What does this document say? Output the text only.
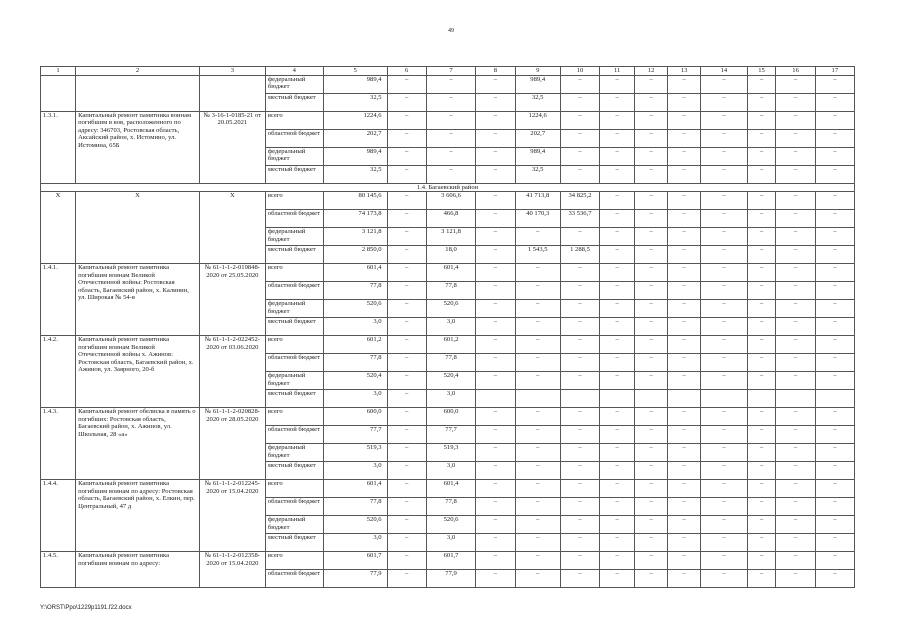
49
1	2	3	4	5	6	7	8	9	10	11	12	13	14	15	16	17
			федеральный бюджет	989,4	–	–	–	989,4	–	–	–	–	–	–	–	–
			местный бюджет	32,5	–	–	–	32,5	–	–	–	–	–	–	–	–
1.3.1.	Капитальный ремонт памятника воинам погибшим в вов, расположенного по адресу: 346703, Ростовская область, Аксайский район, х. Истомино, ул. Истомина, 65Б	№ 3-16-1-0185-21 от 20.05.2021	всего	1224,6	–	–	–	1224,6	–	–	–	–	–	–	–	–
			областной бюджет	202,7	–	–	–	202,7	–	–	–	–	–	–	–	–
			федеральный бюджет	989,4	–	–	–	989,4	–	–	–	–	–	–	–	–
			местный бюджет	32,5	–	–	–	32,5	–	–	–	–	–	–	–	–
1.4. Багаевский район																
Х	Х	Х	всего	80 145,6	–	3 606,6	–	41 713,8	34 825,2	–	–	–	–	–	–	–
			областной бюджет	74 173,8	–	466,8	–	40 170,3	33 536,7	–	–	–	–	–	–	–
			федеральный бюджет	3 121,8	–	3 121,8	–	–	–	–	–	–	–	–	–	–
			местный бюджет	2 850,0	–	18,0	–	1 543,5	1 288,5	–	–	–	–	–	–	–
1.4.1.	Капитальный ремонт памятника погибшим воинам Великой Отечественной войны: Ростовская область, Багаевский район, х. Калинин, ул. Широкая № 54-в	№ 61-1-1-2-019848-2020 от 25.05.2020	всего	601,4	–	601,4	–	–	–	–	–	–	–	–	–	–
			областной бюджет	77,8	–	77,8	–	–	–	–	–	–	–	–	–	–
			федеральный бюджет	520,6	–	520,6	–	–	–	–	–	–	–	–	–	–
			местный бюджет	3,0	–	3,0	–	–	–	–	–	–	–	–	–	–
1.4.2.	Капитальный ремонт памятника погибшим воинам Великой Отечественной войны х. Ажинов: Ростовская область, Багаевский район, х. Ажинов, ул. Заярного, 20-б	№ 61-1-1-2-022452-2020 от 03.06.2020	всего	601,2	–	601,2	–	–	–	–	–	–	–	–	–	–
			областной бюджет	77,8	–	77,8	–	–	–	–	–	–	–	–	–	–
			федеральный бюджет	520,4	–	520,4	–	–	–	–	–	–	–	–	–	–
			местный бюджет	3,0	–	3,0										
1.4.3.	Капитальный ремонт обелиска в память о погибших: Ростовская область, Багаевский район, х. Ажинов, ул. Школьная, 28 «а»	№ 61-1-1-2-020828-2020 от 28.05.2020	всего	600,0	–	600,0	–	–	–	–	–	–	–	–	–	–
			областной бюджет	77,7	–	77,7	–	–	–	–	–	–	–	–	–	–
			федеральный бюджет	519,3	–	519,3	–	–	–	–	–	–	–	–	–	–
			местный бюджет	3,0	–	3,0	–	–	–	–	–	–	–	–	–	–
1.4.4.	Капитальный ремонт памятника погибшим воинам по адресу: Ростовская область, Багаевский район, х. Елкин, пер. Центральный, 47 д	№ 61-1-1-2-012245-2020 от 15.04.2020	всего	601,4	–	601,4	–	–	–	–	–	–	–	–	–	–
			областной бюджет	77,8	–	77,8	–	–	–	–	–	–	–	–	–	–
			федеральный бюджет	520,6	–	520,6	–	–	–	–	–	–	–	–	–	–
			местный бюджет	3,0	–	3,0	–	–	–	–	–	–	–	–	–	–
1.4.5.	Капитальный ремонт памятника погибшим воинам по адресу:	№ 61-1-1-2-012358-2020 от 15.04.2020	всего	601,7	–	601,7	–	–	–	–	–	–	–	–	–	–
			областной бюджет	77,9	–	77,9	–	–	–	–	–	–	–	–	–	–
Y:\ORST\Ppo\1229p1191.f22.docx
